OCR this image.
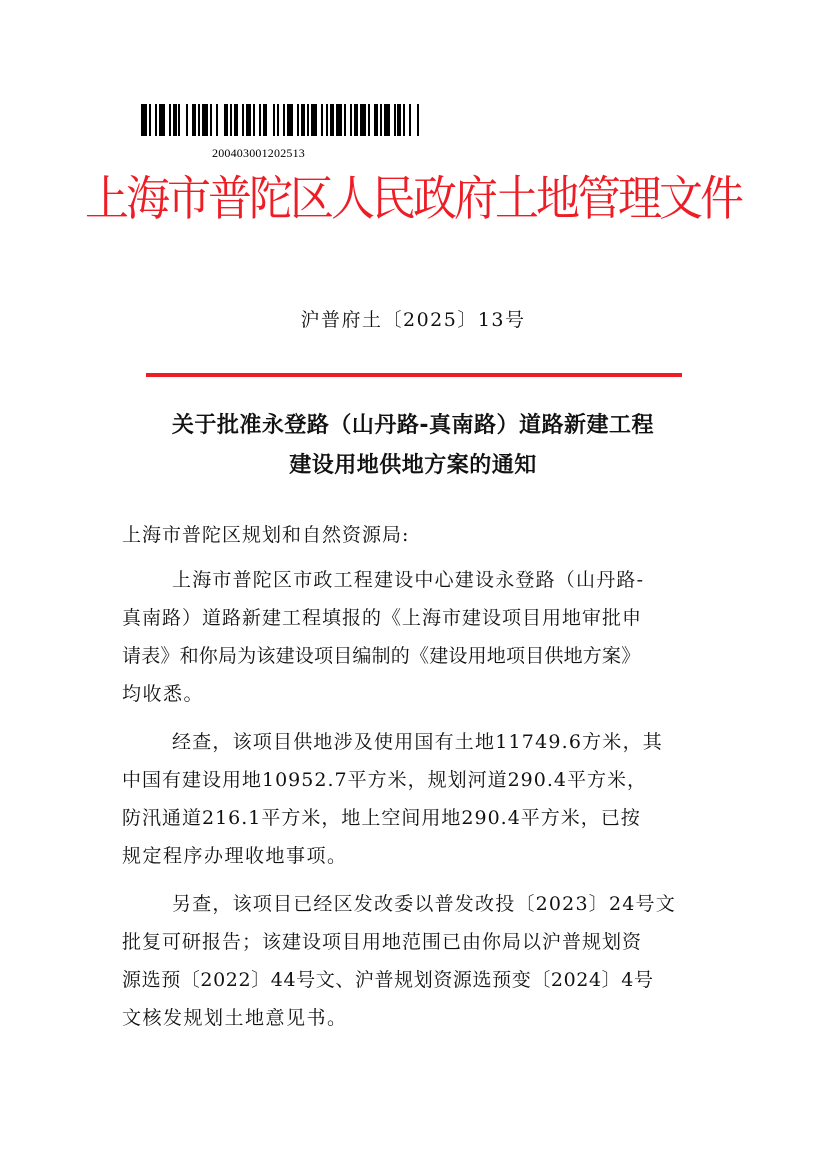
200403001202513
上海市普陀区人民政府土地管理文件
沪普府土〔2025〕13号
关于批准永登路（山丹路-真南路）道路新建工程
建设用地供地方案的通知
上海市普陀区规划和自然资源局:
上海市普陀区市政工程建设中心建设永登路（山丹路-
真南路）道路新建工程填报的《上海市建设项目用地审批申
请表》和你局为该建设项目编制的《建设用地项目供地方案》
均收悉。
经查，该项目供地涉及使用国有土地11749.6方米，其
中国有建设用地10952.7平方米，规划河道290.4平方米，
防汛通道216.1平方米，地上空间用地290.4平方米，已按
规定程序办理收地事项。
另查，该项目已经区发改委以普发改投〔2023〕24号文
批复可研报告；该建设项目用地范围已由你局以沪普规划资
源选预〔2022〕44号文、沪普规划资源选预变〔2024〕4号
文核发规划土地意见书。
